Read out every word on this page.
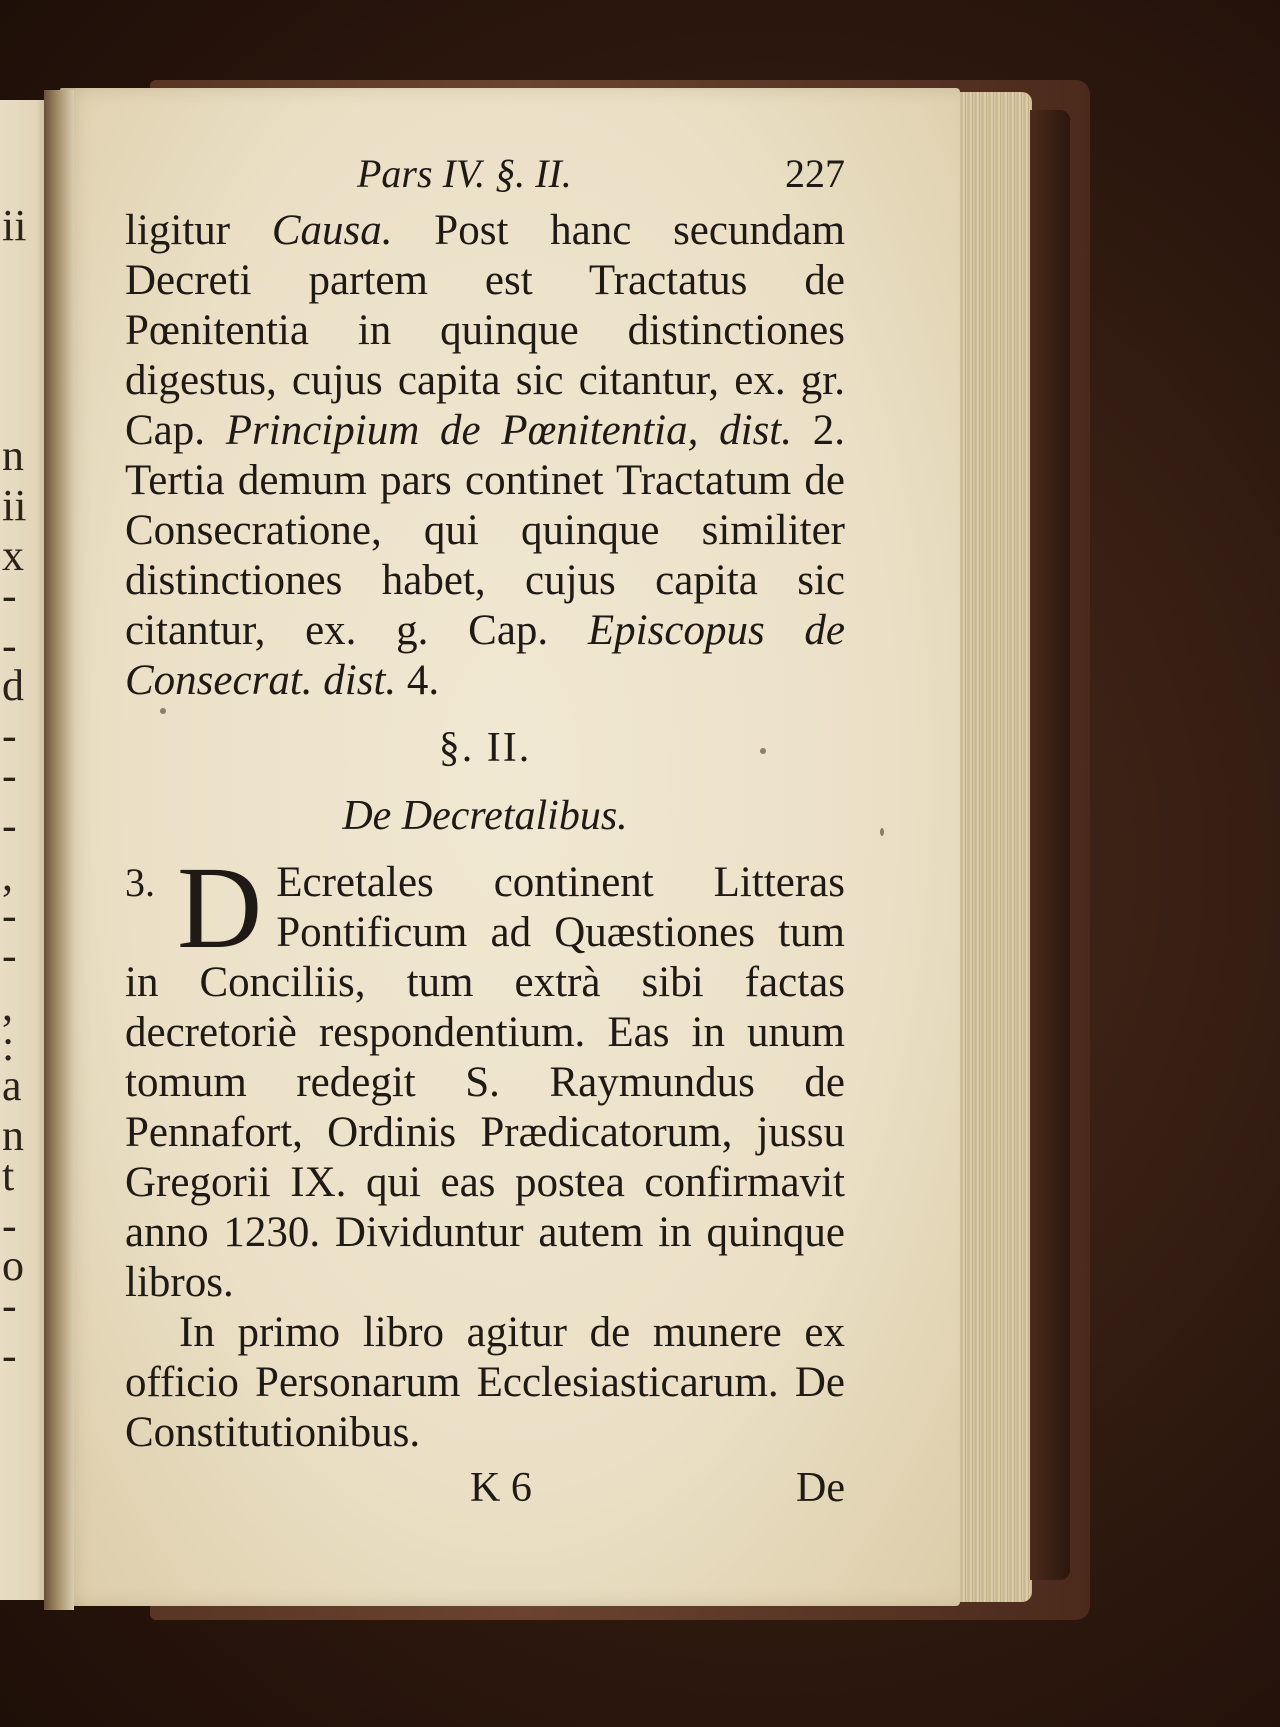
ii
n
ii
x
-
-
d
-
-
-
,
-
-
,
:
a
n
t
-
o
-
-
Pars IV. §. II.	227

ligitur Causa. Post hanc secundam Decreti partem est Tractatus de Pœnitentia in quinque distinctiones digestus, cujus capita sic citantur, ex. gr. Cap. Principium de Pœnitentia, dist. 2. Tertia demum pars continet Tractatum de Consecratione, qui quinque similiter distinctiones habet, cujus capita sic citantur, ex. g. Cap. Episcopus de Consecrat. dist. 4.

§. II.
De Decretalibus.

3. D Ecretales continent Litteras Pontificum ad Quæstiones tum in Conciliis, tum extrà sibi factas decretoriè respondentium. Eas in unum tomum redegit S. Raymundus de Pennafort, Ordinis Prædicatorum, jussu Gregorii IX. qui eas postea confirmavit anno 1230. Dividuntur autem in quinque libros.

In primo libro agitur de munere ex officio Personarum Ecclesiasticarum. De Constitutionibus.

K 6	De
